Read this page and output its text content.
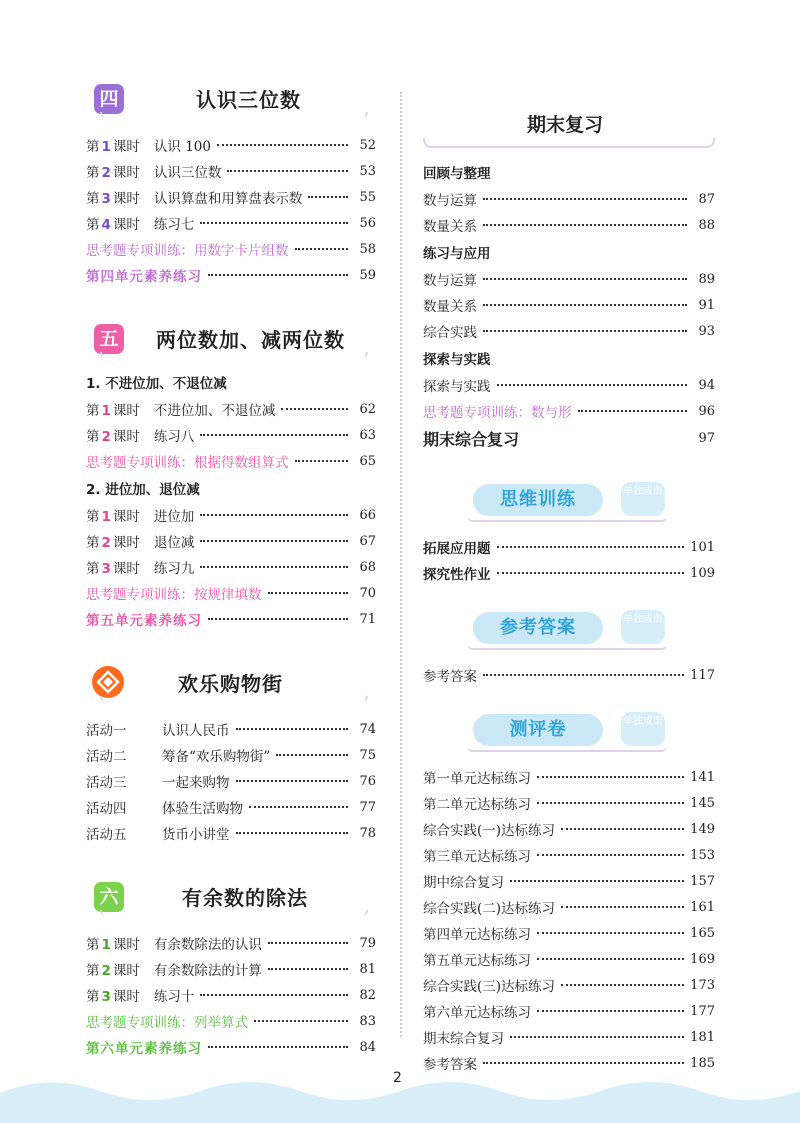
四	认识三位数
第 1 课时 认识 100	52
第 2 课时 认识三位数	53
第 3 课时 认识算盘和用算盘表示数	55
第 4 课时 练习七	56
思考题专项训练：用数字卡片组数	58
第四单元素养练习	59
五 两位数加、减两位数
1. 不进位加、不退位减
第 1 课时 不进位加、不退位减	62
第 2 课时 练习八	63
思考题专项训练：根据得数组算式	65
2. 进位加、退位减
第 1 课时 进位加	66
第 2 课时 退位减	67
第 3 课时 练习九	68
思考题专项训练：按规律填数	70
第五单元素养练习	71
欢乐购物街
活动一	认识人民币	74
活动二	筹备“欢乐购物街”	75
活动三	一起来购物	76
活动四	体验生活购物	77
活动五	货币小讲堂	78
六	有余数的除法
第 1 课时 有余数除法的认识	79
第 2 课时 有余数除法的计算	81
第 3 课时 练习十	82
思考题专项训练：列举算式	83
第六单元素养练习	84
期末复习
回顾与整理
数与运算	87
数量关系	88
练习与应用
数与运算	89
数量关系	91
综合实践	93
探索与实践
探索与实践	94
思考题专项训练：数与形	96
期末综合复习	97
思维训练	单独成册
拓展应用题	101
探究性作业	109
参考答案	单独成册
参考答案	117
测评卷	单独成册
第一单元达标练习	141
第二单元达标练习	145
综合实践(一)达标练习	149
第三单元达标练习	153
期中综合复习	157
综合实践(二)达标练习	161
第四单元达标练习	165
第五单元达标练习	169
综合实践(三)达标练习	173
第六单元达标练习	177
期末综合复习	181
参考答案	185
2
